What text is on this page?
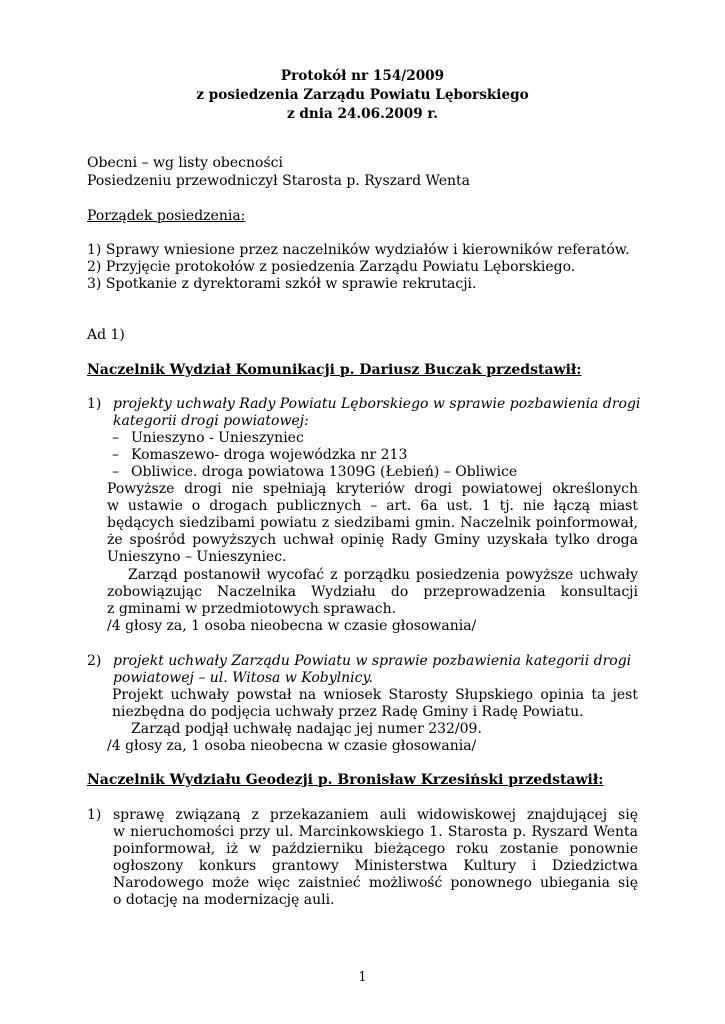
Protokół nr 154/2009
z posiedzenia Zarządu Powiatu Lęborskiego
z dnia 24.06.2009 r.
Obecni – wg listy obecności
Posiedzeniu przewodniczył Starosta p. Ryszard Wenta
Porządek posiedzenia:
1) Sprawy wniesione przez naczelników wydziałów i kierowników referatów.
2) Przyjęcie protokołów z posiedzenia Zarządu Powiatu Lęborskiego.
3) Spotkanie z dyrektorami szkół w sprawie rekrutacji.
Ad 1)
Naczelnik Wydział Komunikacji p. Dariusz Buczak przedstawił:
1) projekty uchwały Rady Powiatu Lęborskiego w sprawie pozbawienia drogi
kategorii drogi powiatowej:
– Unieszyno - Unieszyniec
– Komaszewo- droga wojewódzka nr 213
– Obliwice. droga powiatowa 1309G (Łebień) – Obliwice
Powyższe drogi nie spełniają kryteriów drogi powiatowej określonych
w ustawie o drogach publicznych – art. 6a ust. 1 tj. nie łączą miast
będących siedzibami powiatu z siedzibami gmin. Naczelnik poinformował,
że spośród powyższych uchwał opinię Rady Gminy uzyskała tylko droga
Unieszyno – Unieszyniec.
Zarząd postanowił wycofać z porządku posiedzenia powyższe uchwały
zobowiązując Naczelnika Wydziału do przeprowadzenia konsultacji
z gminami w przedmiotowych sprawach.
/4 głosy za, 1 osoba nieobecna w czasie głosowania/
2) projekt uchwały Zarządu Powiatu w sprawie pozbawienia kategorii drogi
powiatowej – ul. Witosa w Kobylnicy.
Projekt uchwały powstał na wniosek Starosty Słupskiego opinia ta jest
niezbędna do podjęcia uchwały przez Radę Gminy i Radę Powiatu.
Zarząd podjął uchwałę nadając jej numer 232/09.
/4 głosy za, 1 osoba nieobecna w czasie głosowania/
Naczelnik Wydziału Geodezji p. Bronisław Krzesiński przedstawił:
1) sprawę związaną z przekazaniem auli widowiskowej znajdującej się
w nieruchomości przy ul. Marcinkowskiego 1. Starosta p. Ryszard Wenta
poinformował, iż w październiku bieżącego roku zostanie ponownie
ogłoszony konkurs grantowy Ministerstwa Kultury i Dziedzictwa
Narodowego może więc zaistnieć możliwość ponownego ubiegania się
o dotację na modernizację auli.
1
